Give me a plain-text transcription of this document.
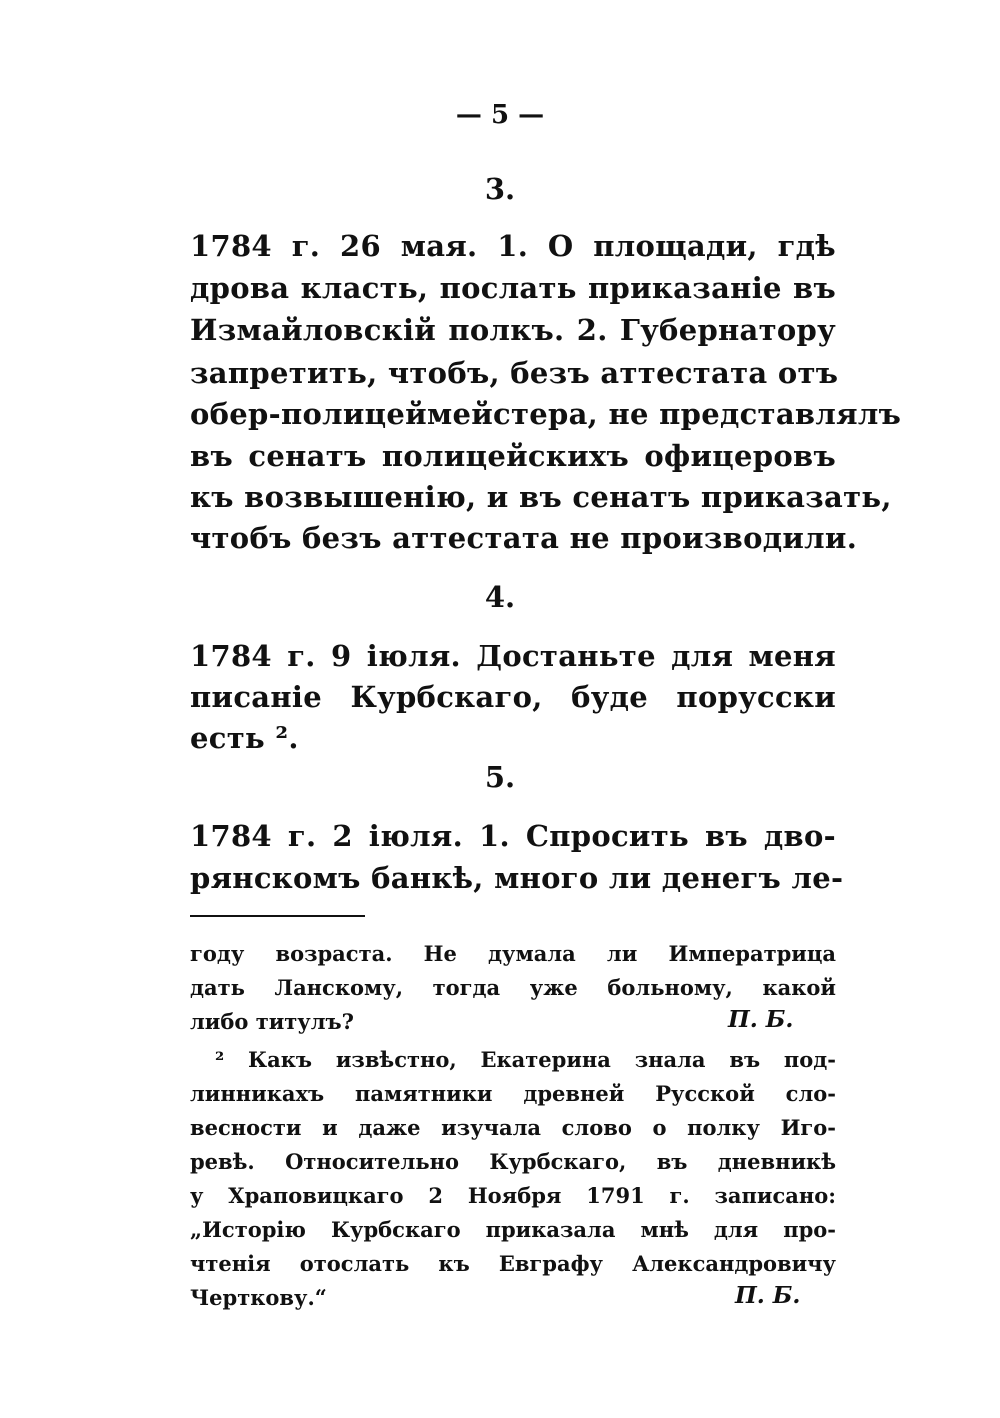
— 5 —
3.
1784 г. 26 мая. 1. О площади, гдѣ
дрова класть, послать приказаніе въ
Измайловскій полкъ. 2. Губернатору
запретить, чтобъ, безъ аттестата отъ
обер-полицеймейстера, не представлялъ
въ сенатъ полицейскихъ офицеровъ
къ возвышенію, и въ сенатъ приказать,
чтобъ безъ аттестата не производили.
4.
1784 г. 9 іюля. Достаньте для меня
писаніе Курбскаго, буде порусски
есть ².
5.
1784 г. 2 іюля. 1. Спросить въ дво-
рянскомъ банкѣ, много ли денегъ ле-
году возраста. Не думала ли Императрица
дать Ланскому, тогда уже больному, какой
либо титулъ?	П. Б.
² Какъ извѣстно, Екатерина знала въ под-
линникахъ памятники древней Русской сло-
весности и даже изучала слово о полку Иго-
ревѣ. Относительно Курбскаго, въ дневникѣ
у Храповицкаго 2 Ноября 1791 г. записано:
„Исторію Курбскаго приказала мнѣ для про-
чтенія отослать къ Евграфу Александровичу
Черткову.“	П. Б.
